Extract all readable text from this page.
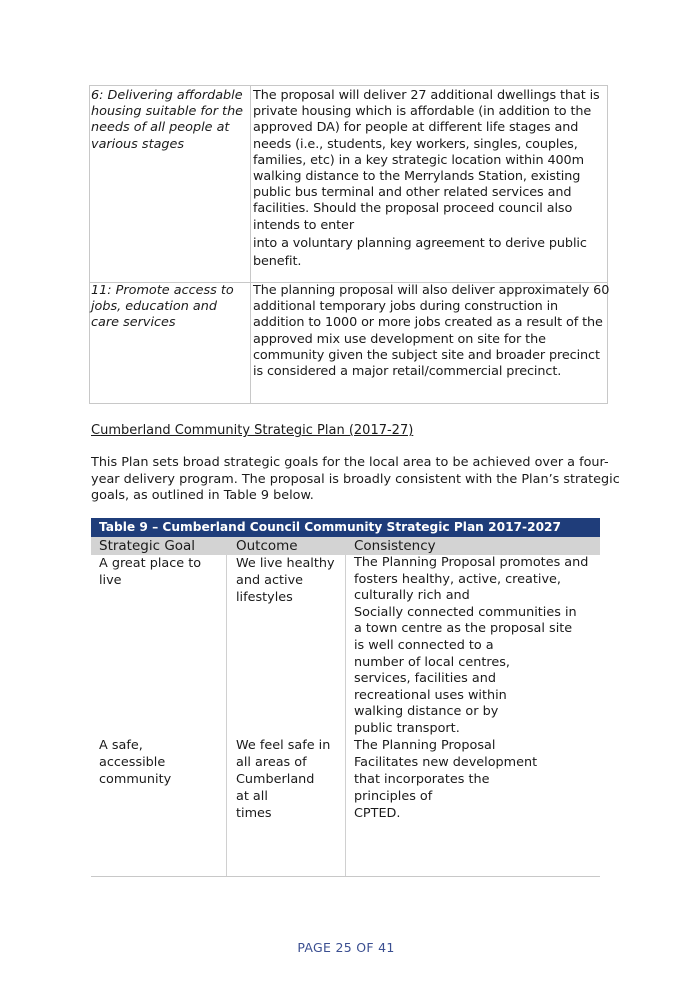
6: Delivering affordable
housing suitable for the
needs of all people at
various stages
The proposal will deliver 27 additional dwellings that is
private housing which is affordable (in addition to the
approved DA) for people at different life stages and
needs (i.e., students, key workers, singles, couples,
families, etc) in a key strategic location within 400m
walking distance to the Merrylands Station, existing
public bus terminal and other related services and
facilities. Should the proposal proceed council also
intends to enter
into a voluntary planning agreement to derive public
benefit.
11: Promote access to
jobs, education and
care services
The planning proposal will also deliver approximately 60
additional temporary jobs during construction in
addition to 1000 or more jobs created as a result of the
approved mix use development on site for the
community given the subject site and broader precinct
is considered a major retail/commercial precinct.
Cumberland Community Strategic Plan (2017-27)
This Plan sets broad strategic goals for the local area to be achieved over a four-
year delivery program. The proposal is broadly consistent with the Plan’s strategic
goals, as outlined in Table 9 below.
Table 9 – Cumberland Council Community Strategic Plan 2017-2027
Strategic Goal	Outcome	Consistency
A great place to
live
We live healthy
and active
lifestyles
The Planning Proposal promotes and
fosters healthy, active, creative,
culturally rich and
Socially connected communities in
a town centre as the proposal site
is well connected to a
number of local centres,
services, facilities and
recreational uses within
walking distance or by
public transport.
A safe,
accessible
community
We feel safe in
all areas of
Cumberland
at all
times
The Planning Proposal
Facilitates new development
that incorporates the
principles of
CPTED.
PAGE 25 OF 41
